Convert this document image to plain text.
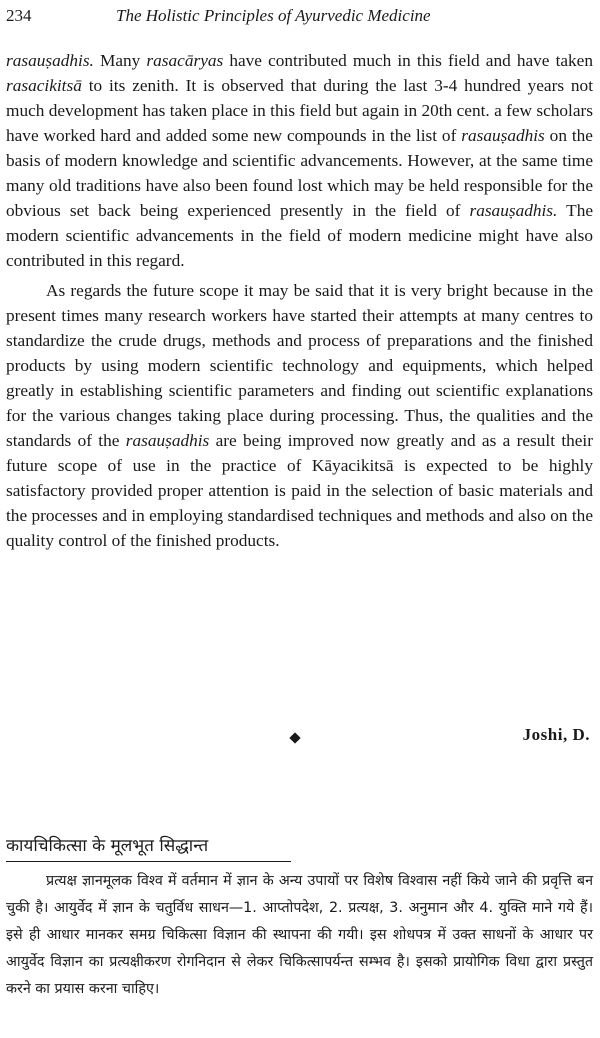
234	The Holistic Principles of Ayurvedic Medicine

rasauṣadhis. Many rasacāryas have contributed much in this field and have taken rasacikitsā to its zenith. It is observed that during the last 3-4 hundred years not much development has taken place in this field but again in 20th cent. a few scholars have worked hard and added some new compounds in the list of rasauṣadhis on the basis of modern knowledge and scientific advancements. However, at the same time many old traditions have also been found lost which may be held responsible for the obvious set back being experienced presently in the field of rasauṣadhis. The modern scientific advancements in the field of modern medicine might have also contributed in this regard.

As regards the future scope it may be said that it is very bright because in the present times many research workers have started their attempts at many centres to standardize the crude drugs, methods and process of preparations and the finished products by using modern scientific technology and equipments, which helped greatly in establishing scientific parameters and finding out scientific explanations for the various changes taking place during processing. Thus, the qualities and the standards of the rasauṣadhis are being improved now greatly and as a result their future scope of use in the practice of Kāyacikitsā is expected to be highly satisfactory provided proper attention is paid in the selection of basic materials and the processes and in employing standardised techniques and methods and also on the quality control of the finished products.

Joshi, D.
कायचिकित्सा के मूलभूत सिद्धान्त
प्रत्यक्ष ज्ञानमूलक विश्व में वर्तमान में ज्ञान के अन्य उपायों पर विशेष विश्वास नहीं किये जाने की प्रवृत्ति बन चुकी है। आयुर्वेद में ज्ञान के चतुर्विध साधन—1. आप्तोपदेश, 2. प्रत्यक्ष, 3. अनुमान और 4. युक्ति माने गये हैं। इसे ही आधार मानकर समग्र चिकित्सा विज्ञान की स्थापना की गयी। इस शोधपत्र में उक्त साधनों के आधार पर आयुर्वेद विज्ञान का प्रत्यक्षीकरण रोगनिदान से लेकर चिकित्सापर्यन्त सम्भव है। इसको प्रायोगिक विधा द्वारा प्रस्तुत करने का प्रयास करना चाहिए।
